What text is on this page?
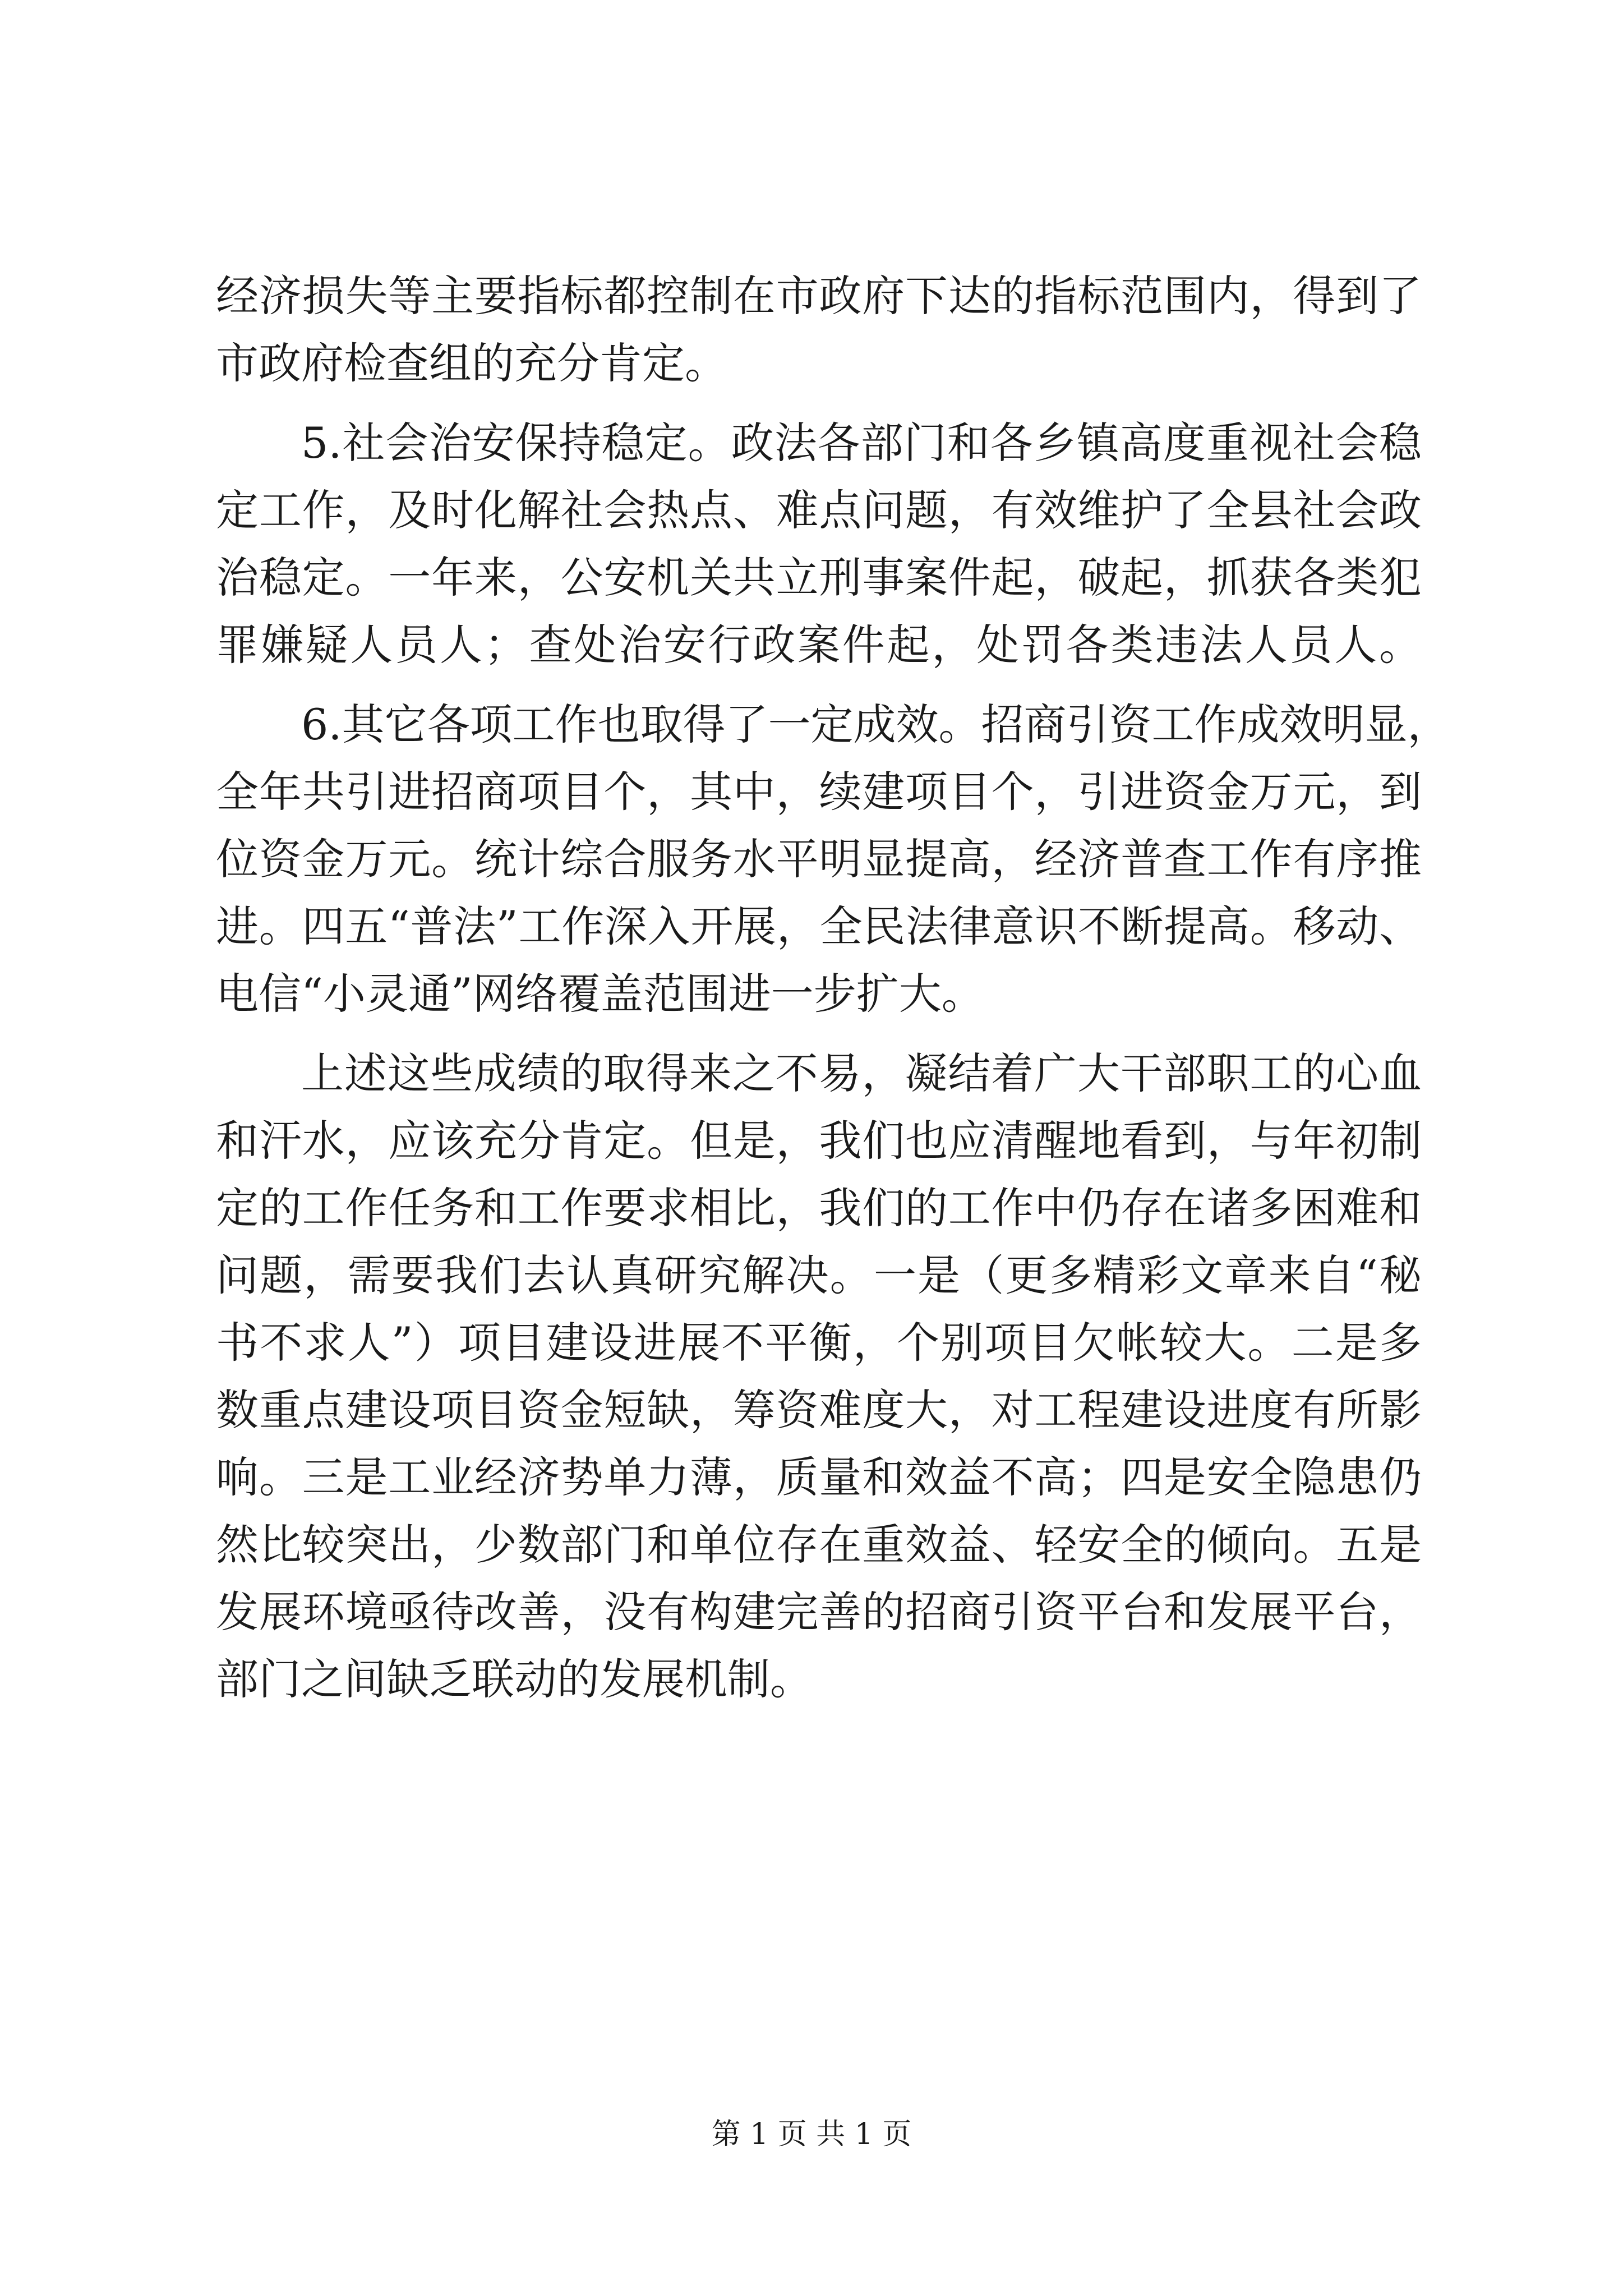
经济损失等主要指标都控制在市政府下达的指标范围内，得到了
市政府检查组的充分肯定。
5.社会治安保持稳定。政法各部门和各乡镇高度重视社会稳
定工作，及时化解社会热点、难点问题，有效维护了全县社会政
治稳定。一年来，公安机关共立刑事案件起，破起，抓获各类犯
罪嫌疑人员人；查处治安行政案件起，处罚各类违法人员人。
6.其它各项工作也取得了一定成效。招商引资工作成效明显，
全年共引进招商项目个，其中，续建项目个，引进资金万元，到
位资金万元。统计综合服务水平明显提高，经济普查工作有序推
进。四五“普法”工作深入开展，全民法律意识不断提高。移动、
电信“小灵通”网络覆盖范围进一步扩大。
上述这些成绩的取得来之不易，凝结着广大干部职工的心血
和汗水，应该充分肯定。但是，我们也应清醒地看到，与年初制
定的工作任务和工作要求相比，我们的工作中仍存在诸多困难和
问题，需要我们去认真研究解决。一是（更多精彩文章来自“秘
书不求人”）项目建设进展不平衡，个别项目欠帐较大。二是多
数重点建设项目资金短缺，筹资难度大，对工程建设进度有所影
响。三是工业经济势单力薄，质量和效益不高；四是安全隐患仍
然比较突出，少数部门和单位存在重效益、轻安全的倾向。五是
发展环境亟待改善，没有构建完善的招商引资平台和发展平台，
部门之间缺乏联动的发展机制。
第 1 页 共 1 页
